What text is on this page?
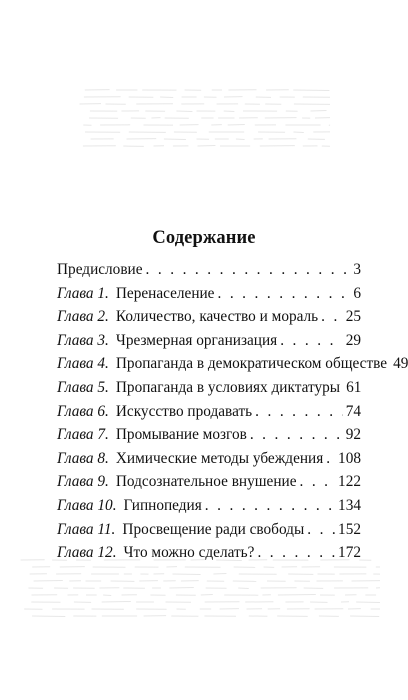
Содержание
Предисловие . . .	3
Глава 1. Перенаселение . . .	6
Глава 2. Количество, качество и мораль . . . 25
Глава 3. Чрезмерная организация . . .	29
Глава 4. Пропаганда в демократическом обществе 49
Глава 5. Пропаганда в условиях диктатуры 61
Глава 6. Искусство продавать . . .	74
Глава 7. Промывание мозгов . . .	92
Глава 8. Химические методы убеждения . . . 108
Глава 9. Подсознательное внушение . . .	122
Глава 10. Гипнопедия . . .	134
Глава 11. Просвещение ради свободы . . . 152
Глава 12. Что можно сделать? . . .	172
